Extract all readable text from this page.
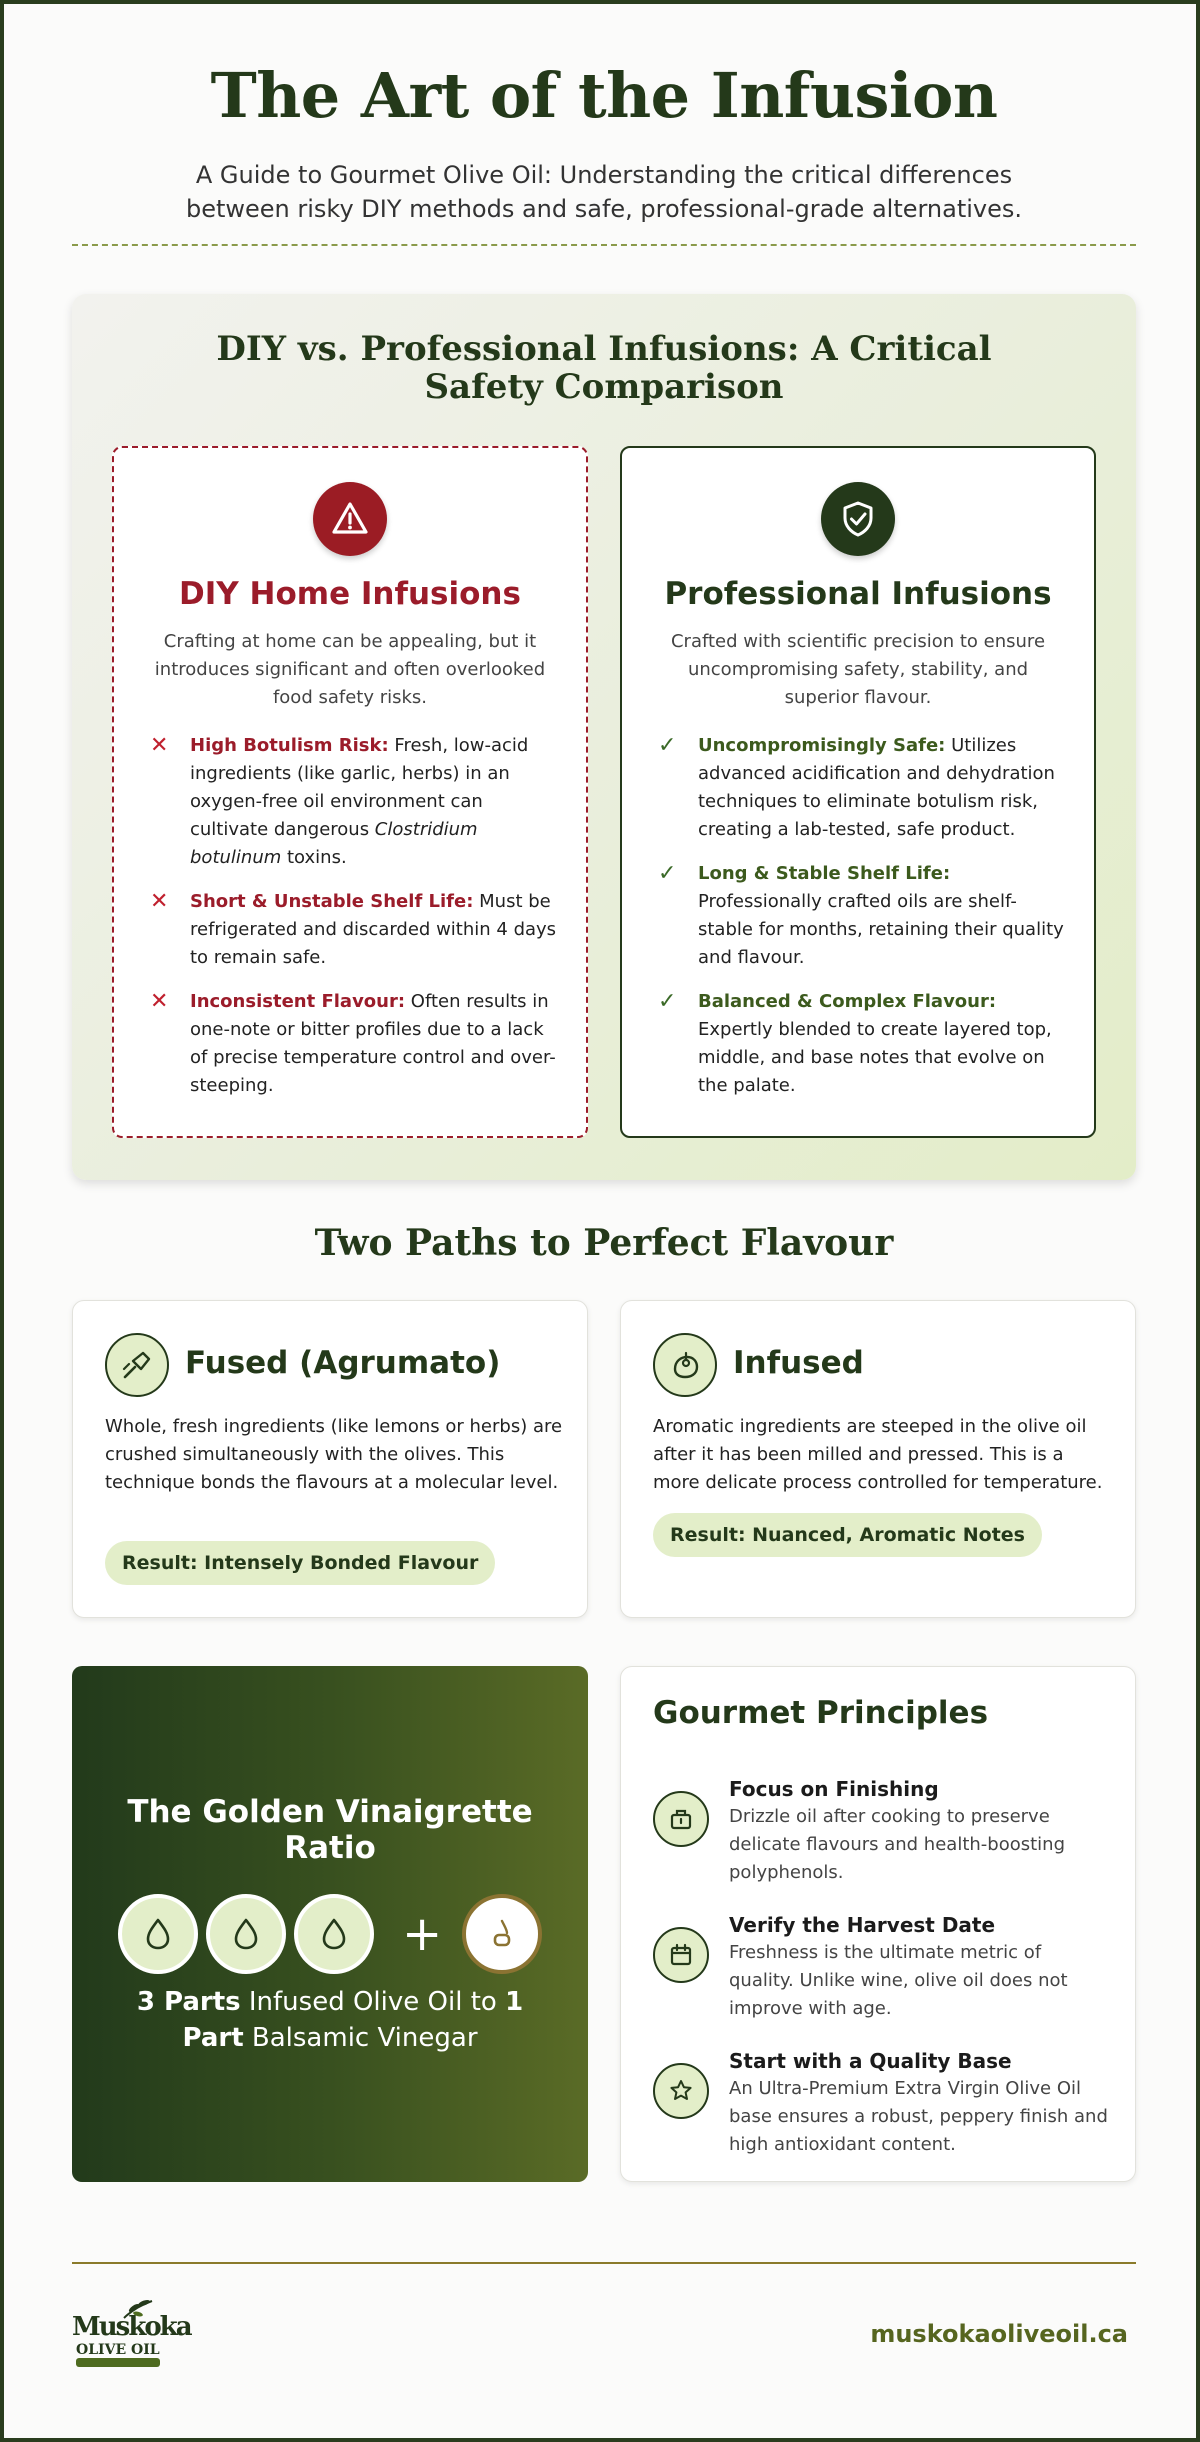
The Art of the Infusion

A Guide to Gourmet Olive Oil: Understanding the critical differences between risky DIY methods and safe, professional-grade alternatives.

DIY vs. Professional Infusions: A Critical Safety Comparison
DIY Home Infusions

Crafting at home can be appealing, but it introduces significant and often overlooked food safety risks.

✕	High Botulism Risk: Fresh, low-acid ingredients (like garlic, herbs) in an oxygen-free oil environment can cultivate dangerous Clostridium botulinum toxins.
✕	Short & Unstable Shelf Life: Must be refrigerated and discarded within 4 days to remain safe.
✕	Inconsistent Flavour: Often results in one-note or bitter profiles due to a lack of precise temperature control and over-steeping.
Professional Infusions

Crafted with scientific precision to ensure uncompromising safety, stability, and superior flavour.

✓	Uncompromisingly Safe: Utilizes advanced acidification and dehydration techniques to eliminate botulism risk, creating a lab-tested, safe product.
✓	Long & Stable Shelf Life: Professionally crafted oils are shelf-stable for months, retaining their quality and flavour.
✓	Balanced & Complex Flavour: Expertly blended to create layered top, middle, and base notes that evolve on the palate.
Two Paths to Perfect Flavour
Fused (Agrumato)

Whole, fresh ingredients (like lemons or herbs) are crushed simultaneously with the olives. This technique bonds the flavours at a molecular level.

Result: Intensely Bonded Flavour
Infused

Aromatic ingredients are steeped in the olive oil after it has been milled and pressed. This is a more delicate process controlled for temperature.

Result: Nuanced, Aromatic Notes
The Golden Vinaigrette Ratio
+

3 Parts Infused Olive Oil to 1 Part Balsamic Vinegar

Gourmet Principles
Focus on Finishing
Drizzle oil after cooking to preserve delicate flavours and health-boosting polyphenols.
Verify the Harvest Date
Freshness is the ultimate metric of quality. Unlike wine, olive oil does not improve with age.
Start with a Quality Base
An Ultra-Premium Extra Virgin Olive Oil base ensures a robust, peppery finish and high antioxidant content.
Muskoka
OLIVE OIL
muskokaoliveoil.ca
